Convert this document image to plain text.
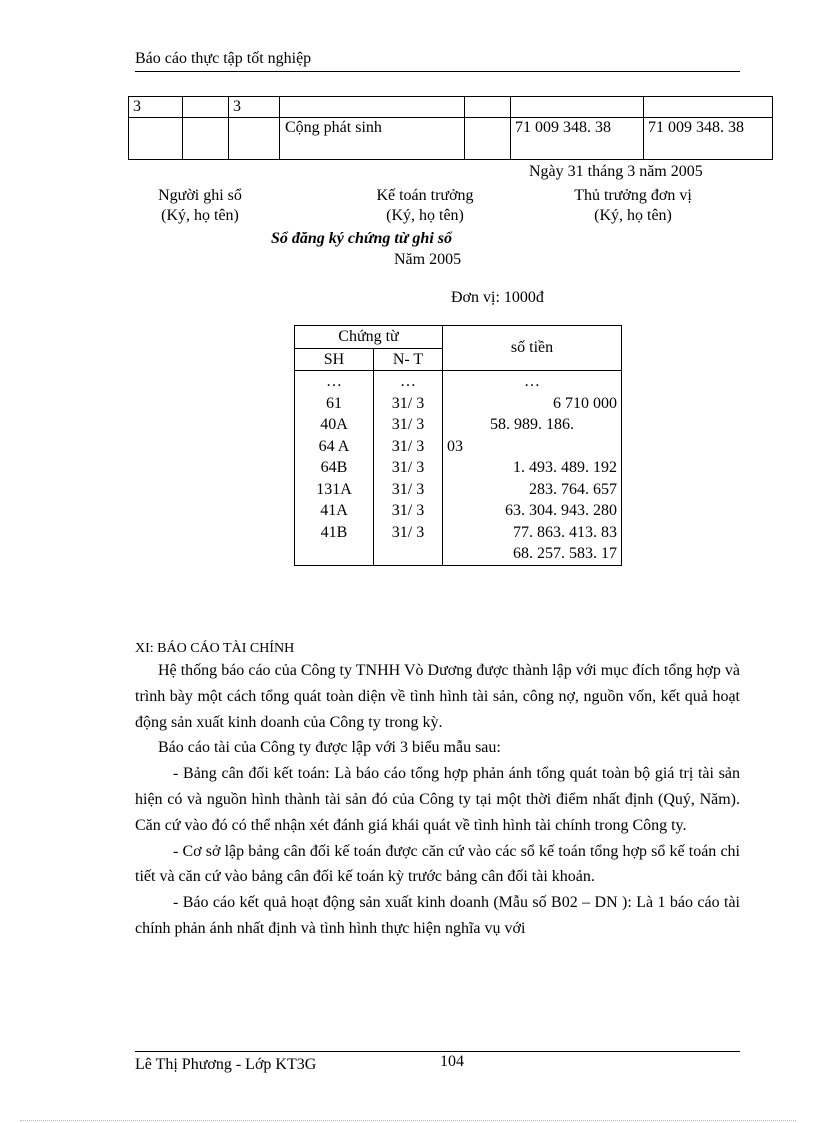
Báo cáo thực tập tốt nghiệp
3		3				
			Cộng phát sinh		71 009 348. 38	71 009 348. 38
Ngày 31 tháng 3 năm 2005
Người ghi sổ
(Ký, họ tên)
Kế toán trưởng
(Ký, họ tên)
Thủ trưởng đơn vị
(Ký, họ tên)
Sổ đăng ký chứng từ ghi sổ
Năm 2005
Đơn vị: 1000đ
Chứng từ		số tiền
SH	N- T	
…	…	…
61	31/ 3	6 710 000
40A	31/ 3	58. 989. 186.
64 A	31/ 3	03
64B	31/ 3	1. 493. 489. 192
131A	31/ 3	283. 764. 657
41A	31/ 3	63. 304. 943. 280
41B	31/ 3	77. 863. 413. 83
		68. 257. 583. 17
XI: BÁO CÁO TÀI CHÍNH

Hệ thống báo cáo của Công ty TNHH Vò Dương được thành lập với mục đích tổng hợp và trình bày một cách tổng quát toàn diện về tình hình tài sản, công nợ, nguồn vốn, kết quả hoạt động sản xuất kinh doanh của Công ty trong kỳ.

Báo cáo tài của Công ty được lập với 3 biểu mẫu sau:

- Bảng cân đối kết toán: Là báo cáo tổng hợp phản ánh tổng quát toàn bộ giá trị tài sản hiện có và nguồn hình thành tài sản đó của Công ty tại một thời điểm nhất định (Quý, Năm). Căn cứ vào đó có thể nhận xét đánh giá khái quát về tình hình tài chính trong Công ty.

- Cơ sở lập bảng cân đối kế toán được căn cứ vào các sổ kế toán tổng hợp sổ kế toán chi tiết và căn cứ vào bảng cân đối kế toán kỳ trước bảng cân đối tài khoản.

- Báo cáo kết quả hoạt động sản xuất kinh doanh (Mẫu số B02 – DN ): Là 1 báo cáo tài chính phản ánh nhất định và tình hình thực hiện nghĩa vụ với

Lê Thị Phương - Lớp KT3G	104
